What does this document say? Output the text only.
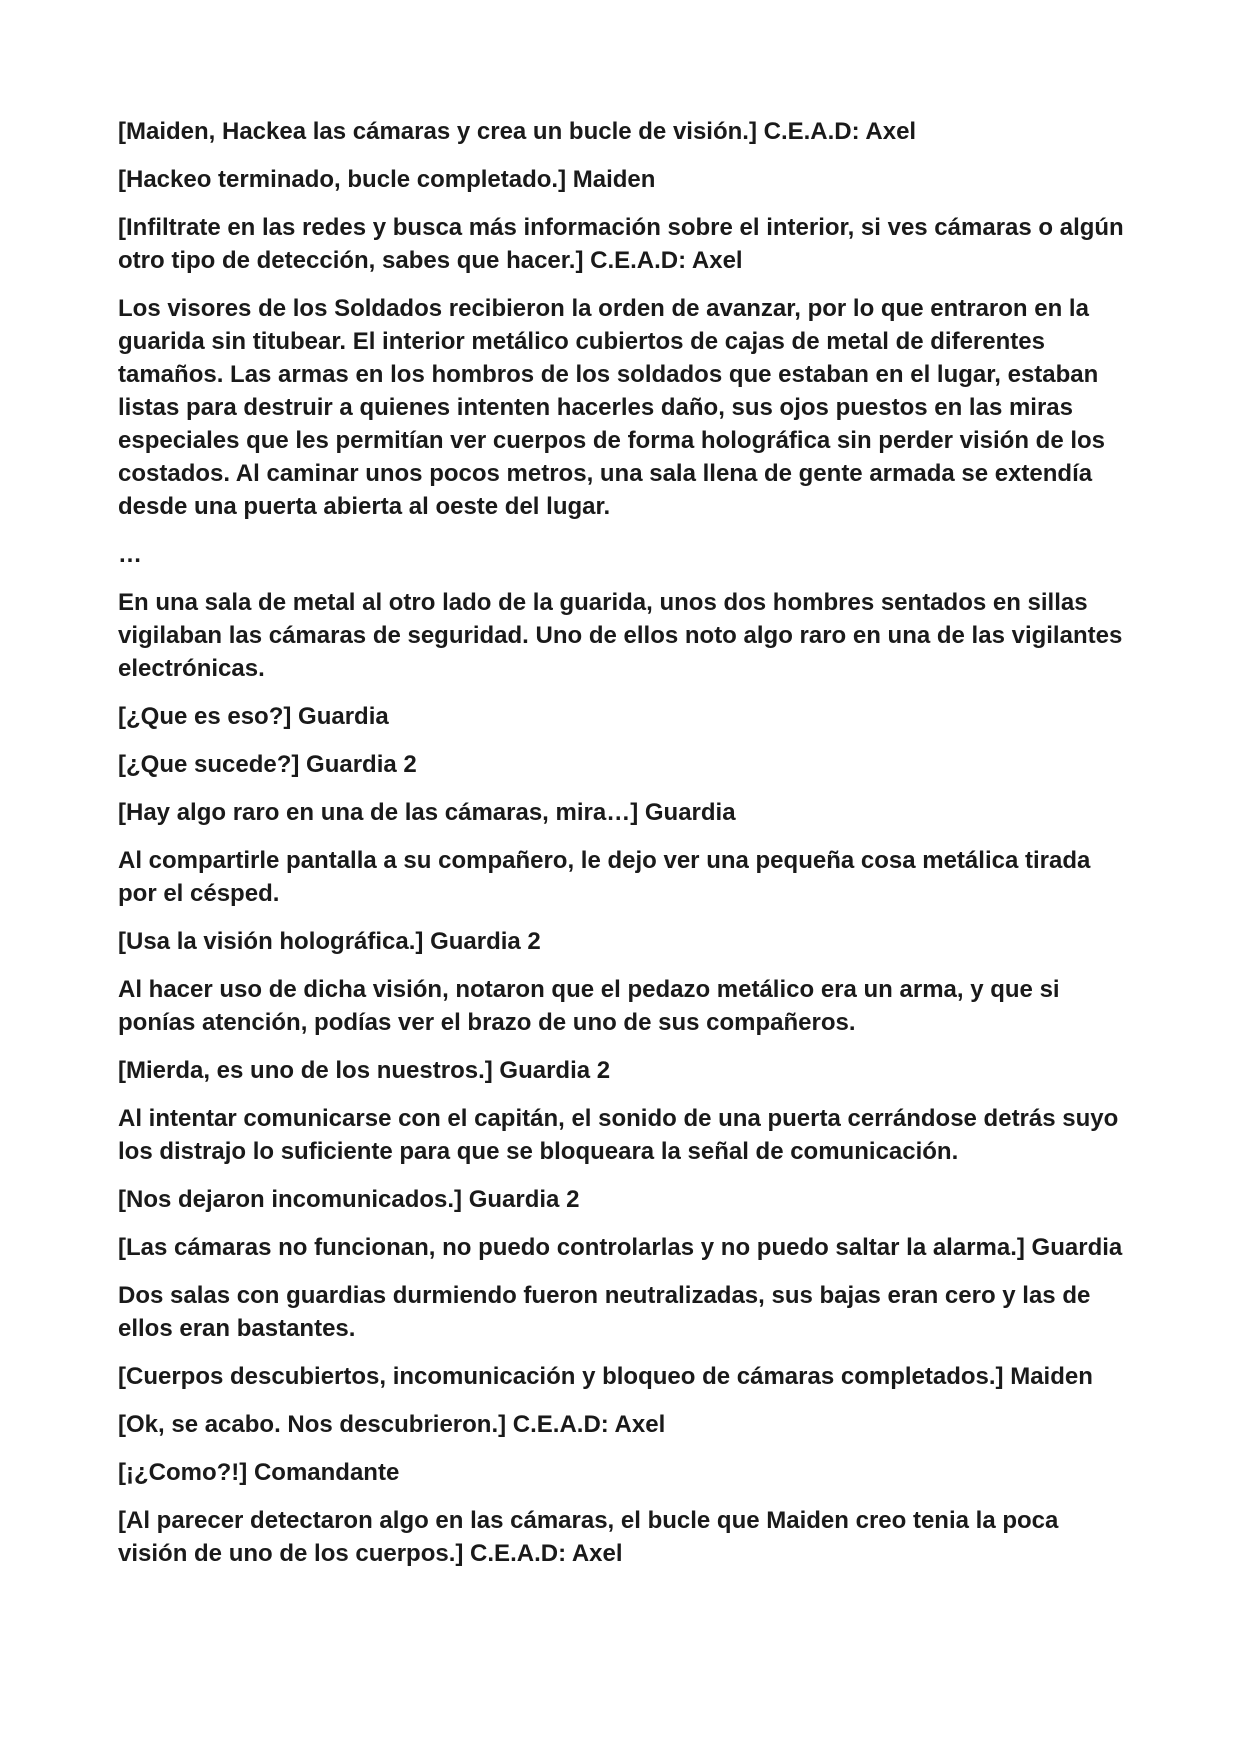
[Maiden, Hackea las cámaras y crea un bucle de visión.] C.E.A.D: Axel

[Hackeo terminado, bucle completado.] Maiden

[Infiltrate en las redes y busca más información sobre el interior, si ves cámaras o algún otro tipo de detección, sabes que hacer.] C.E.A.D: Axel

Los visores de los Soldados recibieron la orden de avanzar, por lo que entraron en la guarida sin titubear. El interior metálico cubiertos de cajas de metal de diferentes tamaños. Las armas en los hombros de los soldados que estaban en el lugar, estaban listas para destruir a quienes intenten hacerles daño, sus ojos puestos en las miras especiales que les permitían ver cuerpos de forma holográfica sin perder visión de los costados. Al caminar unos pocos metros, una sala llena de gente armada se extendía desde una puerta abierta al oeste del lugar.

…

En una sala de metal al otro lado de la guarida, unos dos hombres sentados en sillas vigilaban las cámaras de seguridad. Uno de ellos noto algo raro en una de las vigilantes electrónicas.

[¿Que es eso?] Guardia

[¿Que sucede?] Guardia 2

[Hay algo raro en una de las cámaras, mira…] Guardia

Al compartirle pantalla a su compañero, le dejo ver una pequeña cosa metálica tirada por el césped.

[Usa la visión holográfica.] Guardia 2

Al hacer uso de dicha visión, notaron que el pedazo metálico era un arma, y que si ponías atención, podías ver el brazo de uno de sus compañeros.

[Mierda, es uno de los nuestros.] Guardia 2

Al intentar comunicarse con el capitán, el sonido de una puerta cerrándose detrás suyo los distrajo lo suficiente para que se bloqueara la señal de comunicación.

[Nos dejaron incomunicados.] Guardia 2

[Las cámaras no funcionan, no puedo controlarlas y no puedo saltar la alarma.] Guardia

Dos salas con guardias durmiendo fueron neutralizadas, sus bajas eran cero y las de ellos eran bastantes.

[Cuerpos descubiertos, incomunicación y bloqueo de cámaras completados.] Maiden

[Ok, se acabo. Nos descubrieron.] C.E.A.D: Axel

[¡¿Como?!] Comandante

[Al parecer detectaron algo en las cámaras, el bucle que Maiden creo tenia la poca visión de uno de los cuerpos.] C.E.A.D: Axel
